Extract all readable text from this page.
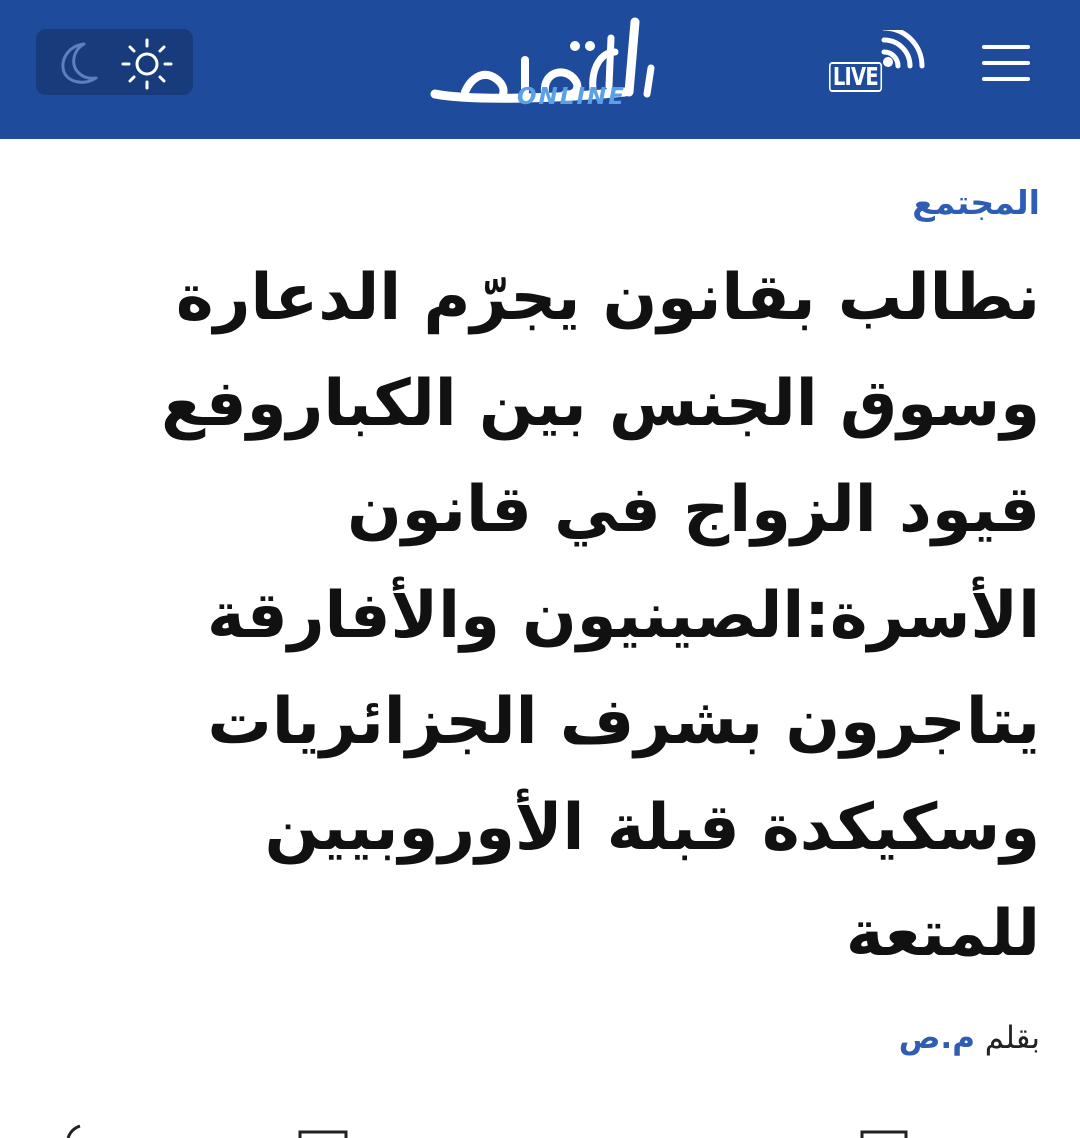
ONLINE
LIVE
المجتمع
نطالب بقانون يجرّم الدعارة وسوق الجنس بين الكباروفع قيود الزواج في قانون الأسرة:الصينيون والأفارقة يتاجرون بشرف الجزائريات وسكيكدة قبلة الأوروبيين للمتعة
بقلم م.ص
